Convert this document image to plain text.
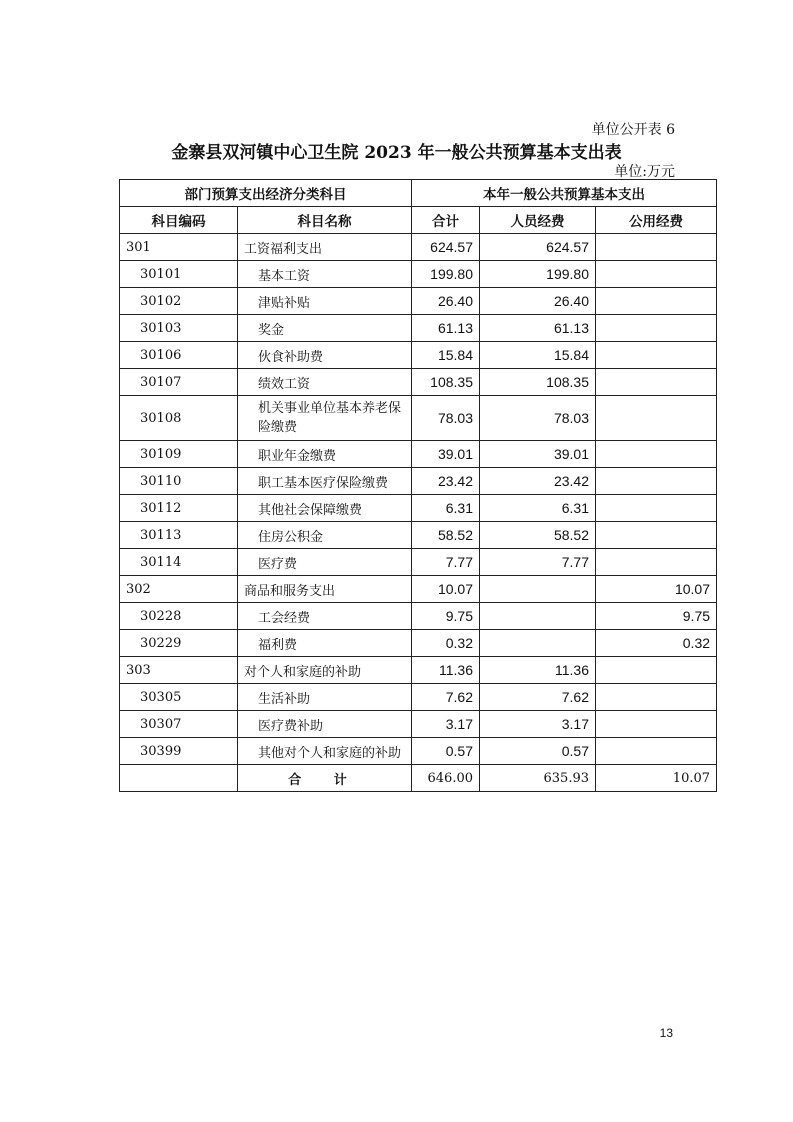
单位公开表 6
金寨县双河镇中心卫生院 2023 年一般公共预算基本支出表
单位:万元
部门预算支出经济分类科目		本年一般公共预算基本支出		
科目编码	科目名称	合计	人员经费	公用经费
301	工资福利支出	624.57	624.57	
30101	基本工资	199.80	199.80	
30102	津贴补贴	26.40	26.40	
30103	奖金	61.13	61.13	
30106	伙食补助费	15.84	15.84	
30107	绩效工资	108.35	108.35	
30108	机关事业单位基本养老保险缴费	78.03	78.03	
30109	职业年金缴费	39.01	39.01	
30110	职工基本医疗保险缴费	23.42	23.42	
30112	其他社会保障缴费	6.31	6.31	
30113	住房公积金	58.52	58.52	
30114	医疗费	7.77	7.77	
302	商品和服务支出	10.07		10.07
30228	工会经费	9.75		9.75
30229	福利费	0.32		0.32
303	对个人和家庭的补助	11.36	11.36	
30305	生活补助	7.62	7.62	
30307	医疗费补助	3.17	3.17	
30399	其他对个人和家庭的补助	0.57	0.57	
	合 计	646.00	635.93	10.07
13
